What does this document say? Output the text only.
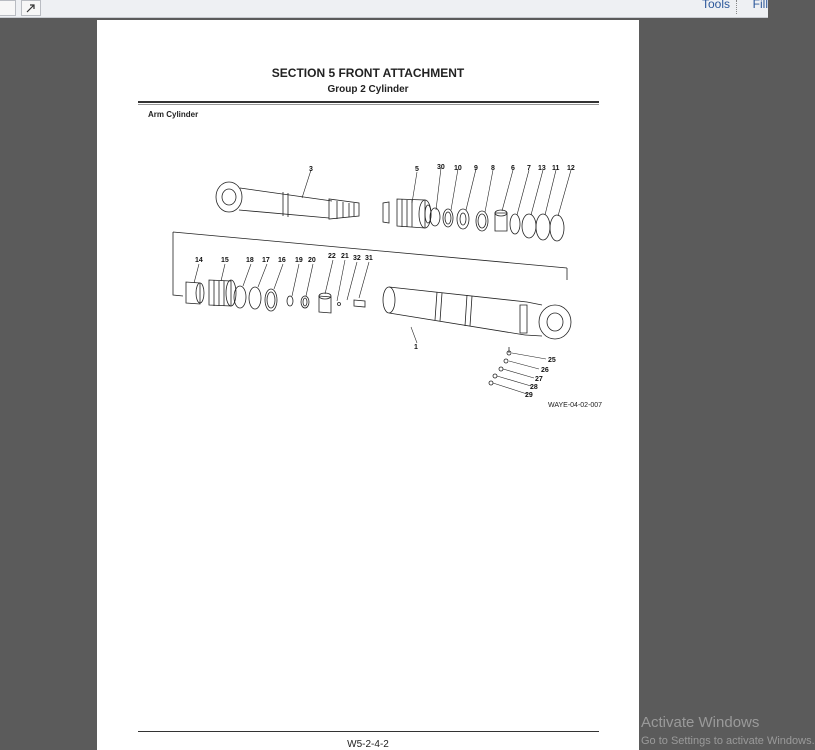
Tools Fill
SECTION 5 FRONT ATTACHMENT
Group 2 Cylinder
Arm Cylinder
3	5	30 10 9 8 6 7 13 11 12
14	15 18 17 16 19 20
22 21 32 31
1
25
26
27
28
29
WAYE-04-02-007
W5-2-4-2
Activate Windows
Go to Settings to activate Windows.
